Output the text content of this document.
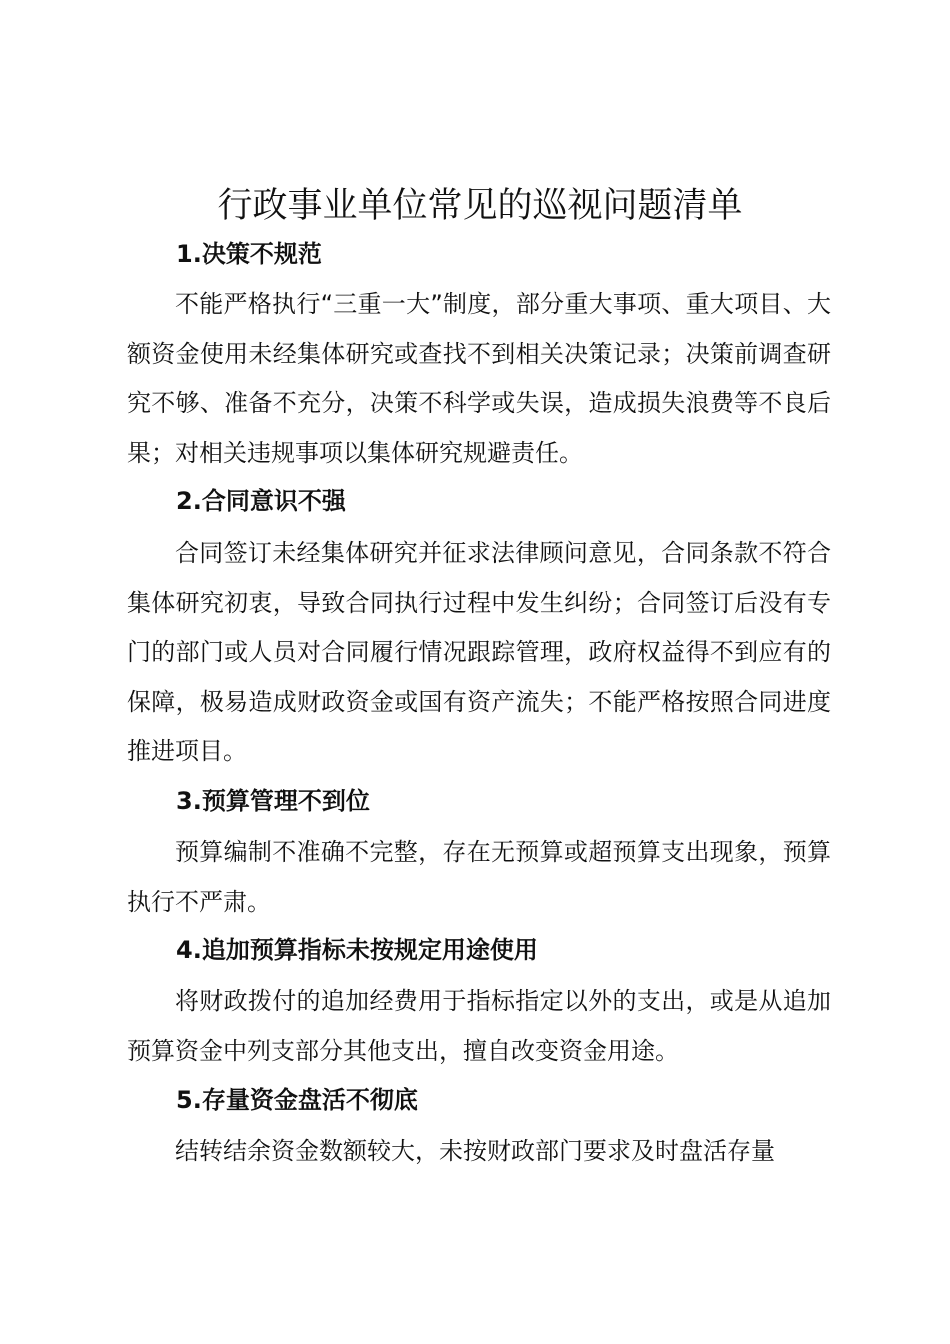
行政事业单位常见的巡视问题清单
1.决策不规范

不能严格执行“三重一大”制度，部分重大事项、重大项目、大额资金使用未经集体研究或查找不到相关决策记录；决策前调查研究不够、准备不充分，决策不科学或失误，造成损失浪费等不良后果；对相关违规事项以集体研究规避责任。

2.合同意识不强

合同签订未经集体研究并征求法律顾问意见，合同条款不符合集体研究初衷，导致合同执行过程中发生纠纷；合同签订后没有专门的部门或人员对合同履行情况跟踪管理，政府权益得不到应有的保障，极易造成财政资金或国有资产流失；不能严格按照合同进度推进项目。

3.预算管理不到位

预算编制不准确不完整，存在无预算或超预算支出现象，预算执行不严肃。

4.追加预算指标未按规定用途使用

将财政拨付的追加经费用于指标指定以外的支出，或是从追加预算资金中列支部分其他支出，擅自改变资金用途。

5.存量资金盘活不彻底

结转结余资金数额较大，未按财政部门要求及时盘活存量
